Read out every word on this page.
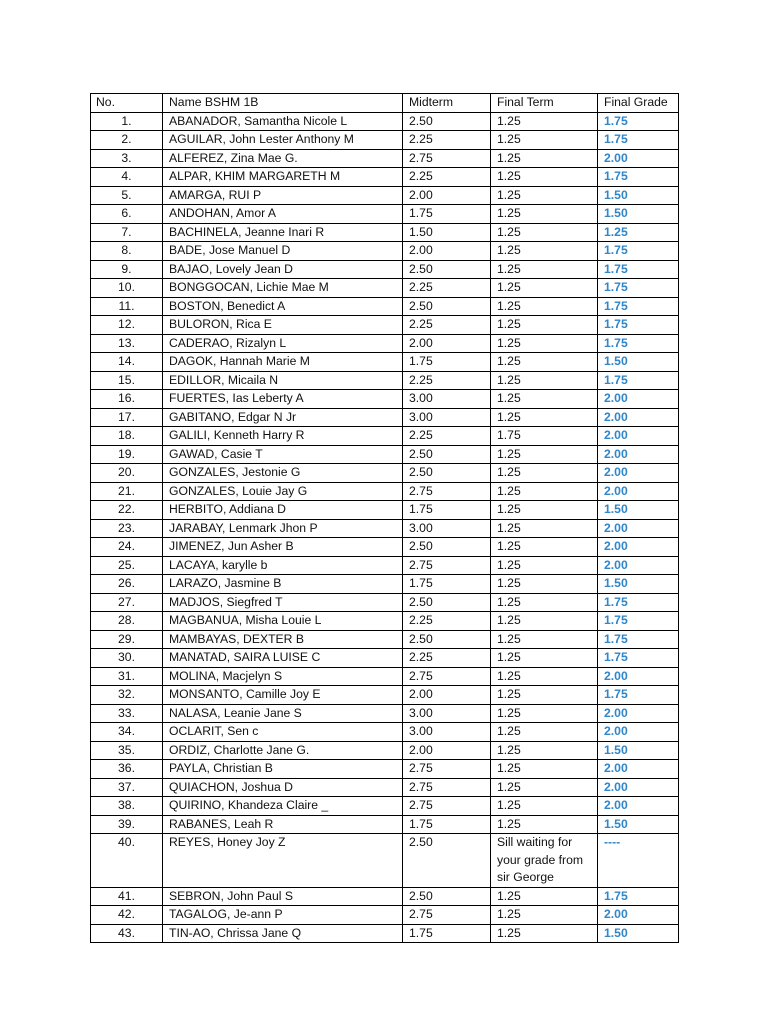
No.	Name BSHM 1B	Midterm	Final Term	Final Grade
1.	ABANADOR, Samantha Nicole L	2.50	1.25	1.75
2.	AGUILAR, John Lester Anthony M	2.25	1.25	1.75
3.	ALFEREZ, Zina Mae G.	2.75	1.25	2.00
4.	ALPAR, KHIM MARGARETH M	2.25	1.25	1.75
5.	AMARGA, RUI P	2.00	1.25	1.50
6.	ANDOHAN, Amor A	1.75	1.25	1.50
7.	BACHINELA, Jeanne Inari R	1.50	1.25	1.25
8.	BADE, Jose Manuel D	2.00	1.25	1.75
9.	BAJAO, Lovely Jean D	2.50	1.25	1.75
10.	BONGGOCAN, Lichie Mae M	2.25	1.25	1.75
11.	BOSTON, Benedict A	2.50	1.25	1.75
12.	BULORON, Rica E	2.25	1.25	1.75
13.	CADERAO, Rizalyn L	2.00	1.25	1.75
14.	DAGOK, Hannah Marie M	1.75	1.25	1.50
15.	EDILLOR, Micaila N	2.25	1.25	1.75
16.	FUERTES, Ias Leberty A	3.00	1.25	2.00
17.	GABITANO, Edgar N Jr	3.00	1.25	2.00
18.	GALILI, Kenneth Harry R	2.25	1.75	2.00
19.	GAWAD, Casie T	2.50	1.25	2.00
20.	GONZALES, Jestonie G	2.50	1.25	2.00
21.	GONZALES, Louie Jay G	2.75	1.25	2.00
22.	HERBITO, Addiana D	1.75	1.25	1.50
23.	JARABAY, Lenmark Jhon P	3.00	1.25	2.00
24.	JIMENEZ, Jun Asher B	2.50	1.25	2.00
25.	LACAYA, karylle b	2.75	1.25	2.00
26.	LARAZO, Jasmine B	1.75	1.25	1.50
27.	MADJOS, Siegfred T	2.50	1.25	1.75
28.	MAGBANUA, Misha Louie L	2.25	1.25	1.75
29.	MAMBAYAS, DEXTER B	2.50	1.25	1.75
30.	MANATAD, SAIRA LUISE C	2.25	1.25	1.75
31.	MOLINA, Macjelyn S	2.75	1.25	2.00
32.	MONSANTO, Camille Joy E	2.00	1.25	1.75
33.	NALASA, Leanie Jane S	3.00	1.25	2.00
34.	OCLARIT, Sen c	3.00	1.25	2.00
35.	ORDIZ, Charlotte Jane G.	2.00	1.25	1.50
36.	PAYLA, Christian B	2.75	1.25	2.00
37.	QUIACHON, Joshua D	2.75	1.25	2.00
38.	QUIRINO, Khandeza Claire _	2.75	1.25	2.00
39.	RABANES, Leah R	1.75	1.25	1.50
40.	REYES, Honey Joy Z	2.50	Sill waiting for your grade from sir George	----
41.	SEBRON, John Paul S	2.50	1.25	1.75
42.	TAGALOG, Je-ann P	2.75	1.25	2.00
43.	TIN-AO, Chrissa Jane Q	1.75	1.25	1.50
